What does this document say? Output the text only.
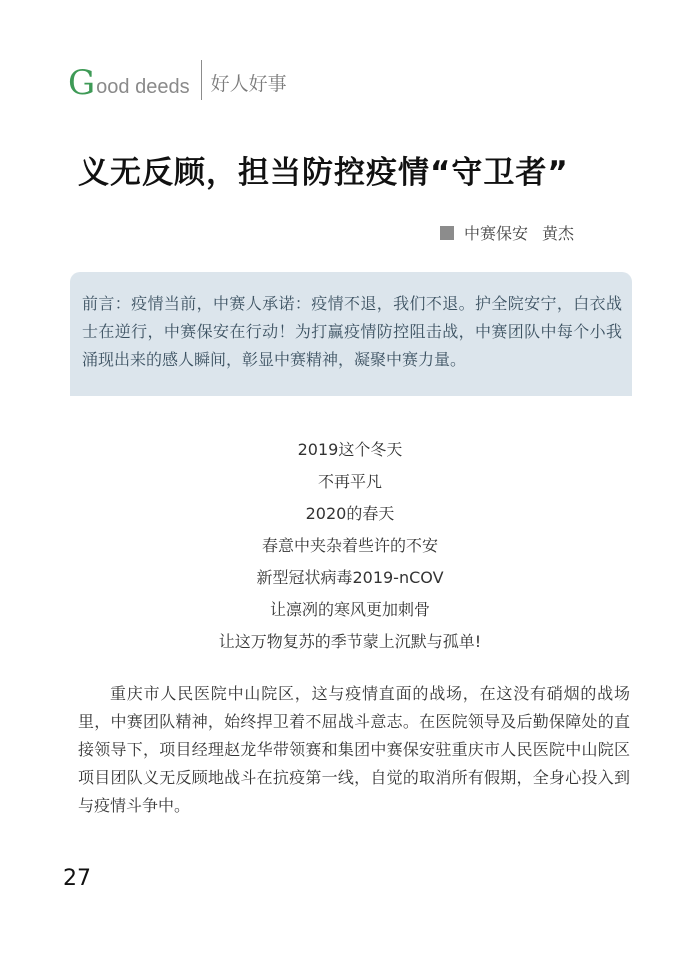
G ood deeds 好人好事
义无反顾，担当防控疫情“守卫者”
中赛保安 黄杰

前言：疫情当前，中赛人承诺：疫情不退，我们不退。护全院安宁，白衣战士在逆行，中赛保安在行动！为打赢疫情防控阻击战，中赛团队中每个小我涌现出来的感人瞬间，彰显中赛精神，凝聚中赛力量。

2019这个冬天
不再平凡
2020的春天
春意中夹杂着些许的不安
新型冠状病毒2019-nCOV
让凛冽的寒风更加刺骨
让这万物复苏的季节蒙上沉默与孤单!

重庆市人民医院中山院区，这与疫情直面的战场，在这没有硝烟的战场里，中赛团队精神，始终捍卫着不屈战斗意志。在医院领导及后勤保障处的直接领导下，项目经理赵龙华带领赛和集团中赛保安驻重庆市人民医院中山院区项目团队义无反顾地战斗在抗疫第一线，自觉的取消所有假期，全身心投入到与疫情斗争中。

27
